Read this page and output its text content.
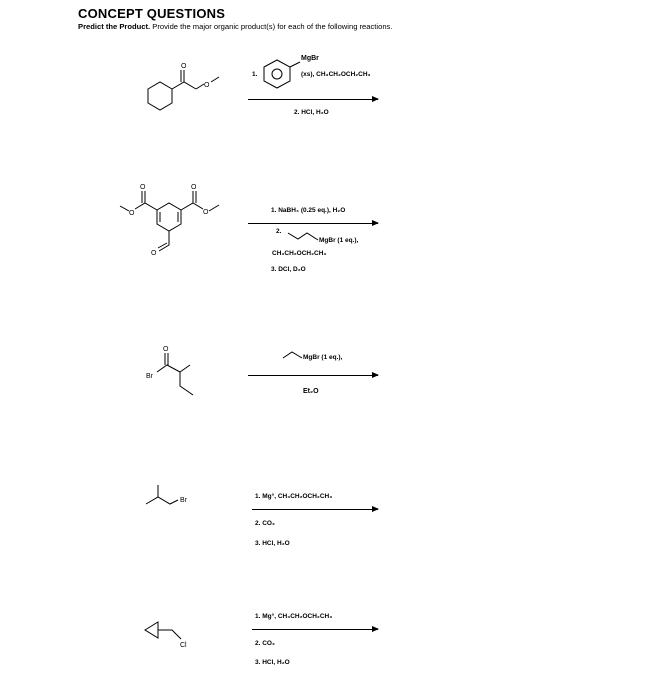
CONCEPT QUESTIONS
Predict the Product. Provide the major organic product(s) for each of the following reactions.
O
O
O
O
O
O
O
Br
O
Br
Cl
1.
MgBr
(xs), CH₃CH₂OCH₂CH₃
2. HCl, H₂O
1. NaBH₄ (0.25 eq.), H₂O
2.
MgBr (1 eq.),
CH₃CH₂OCH₂CH₃
3. DCl, D₂O
MgBr (1 eq.),
Et₂O
1. Mg°, CH₃CH₂OCH₂CH₃
2. CO₂
3. HCl, H₂O
1. Mg°, CH₃CH₂OCH₂CH₃
2. CO₂
3. HCl, H₂O
